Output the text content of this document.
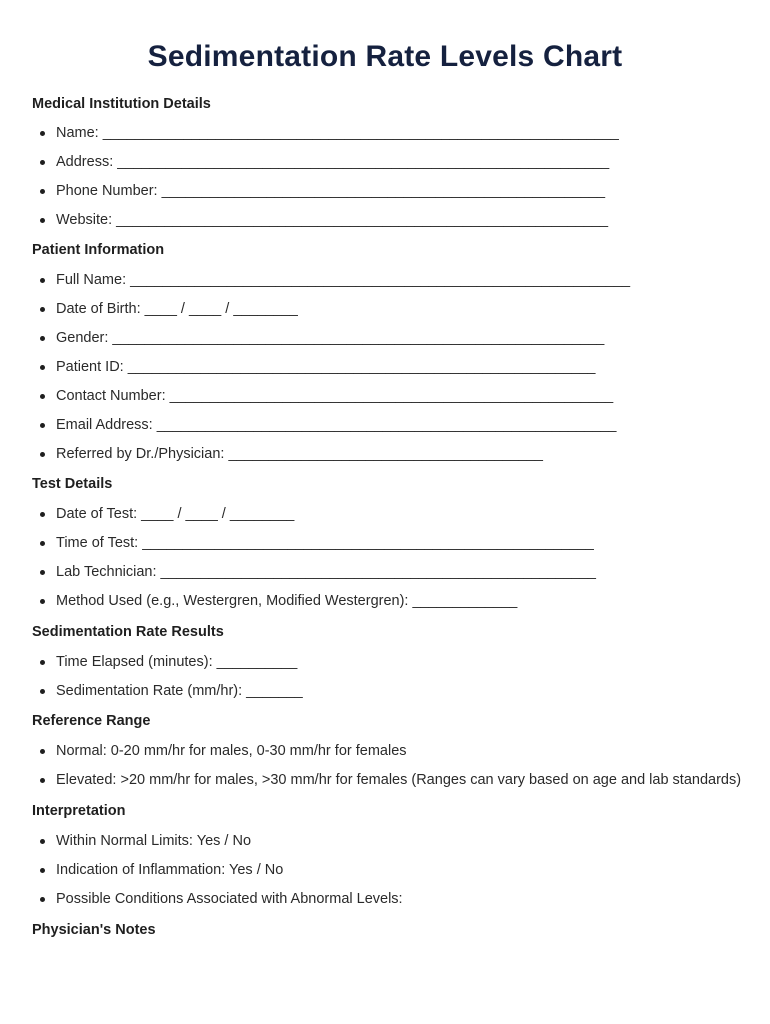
Sedimentation Rate Levels Chart
Medical Institution Details
Name: ________________________________________________________________
Address: _____________________________________________________________
Phone Number: _______________________________________________________
Website: _____________________________________________________________
Patient Information
Full Name: ______________________________________________________________
Date of Birth: ____ / ____ / ________
Gender: _____________________________________________________________
Patient ID: __________________________________________________________
Contact Number: _______________________________________________________
Email Address: _________________________________________________________
Referred by Dr./Physician: _______________________________________
Test Details
Date of Test: ____ / ____ / ________
Time of Test: ________________________________________________________
Lab Technician: ______________________________________________________
Method Used (e.g., Westergren, Modified Westergren): _____________
Sedimentation Rate Results
Time Elapsed (minutes): __________
Sedimentation Rate (mm/hr): _______
Reference Range
Normal: 0-20 mm/hr for males, 0-30 mm/hr for females
Elevated: >20 mm/hr for males, >30 mm/hr for females (Ranges can vary based on age and lab standards)
Interpretation
Within Normal Limits: Yes / No
Indication of Inflammation: Yes / No
Possible Conditions Associated with Abnormal Levels:
Physician's Notes
